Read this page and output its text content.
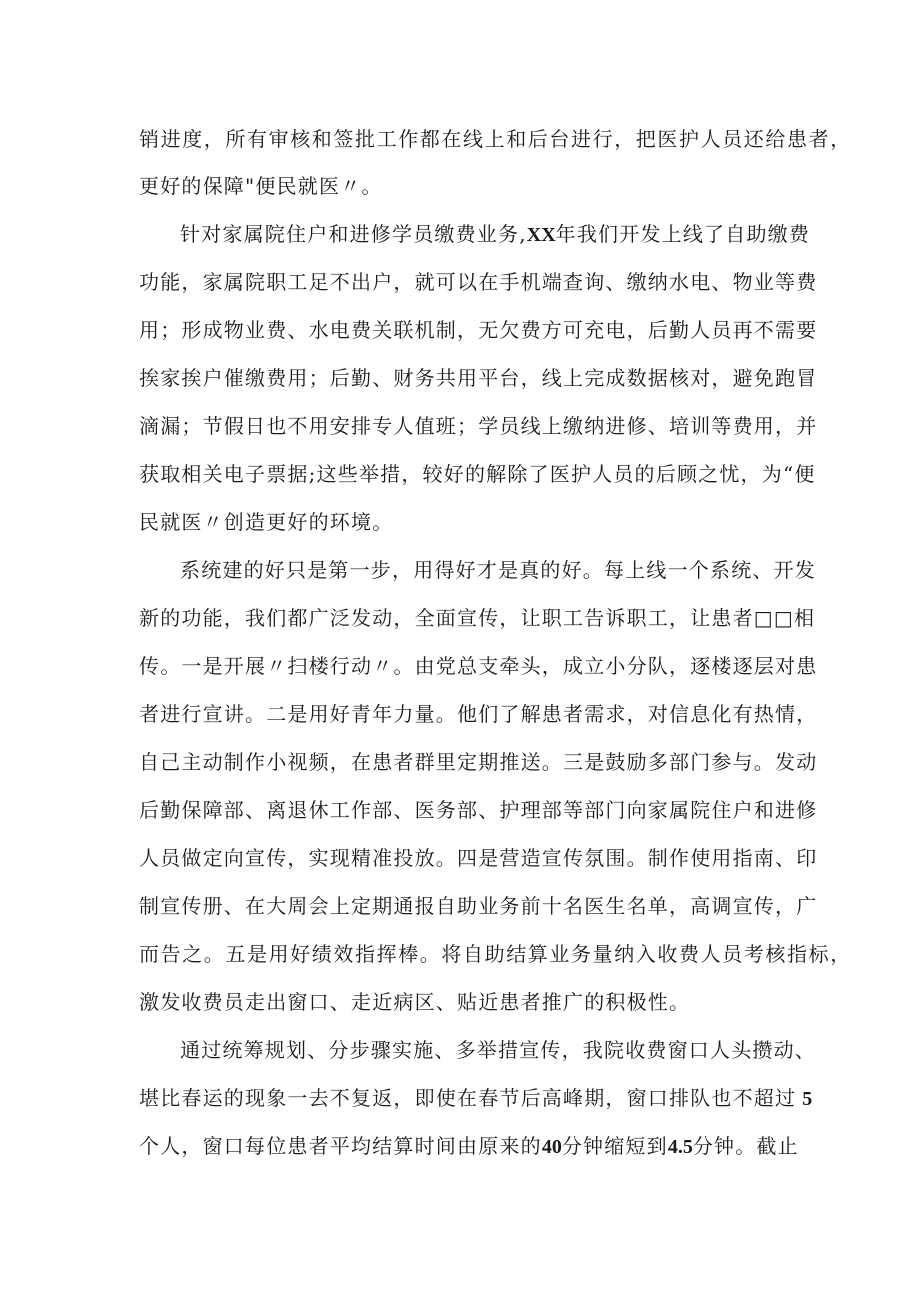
销进度，所有审核和签批工作都在线上和后台进行，把医护人员还给患者，
更好的保障"便民就医〃。
针对家属院住户和进修学员缴费业务,XX年我们开发上线了自助缴费
功能，家属院职工足不出户，就可以在手机端查询、缴纳水电、物业等费
用；形成物业费、水电费关联机制，无欠费方可充电，后勤人员再不需要
挨家挨户催缴费用；后勤、财务共用平台，线上完成数据核对，避免跑冒
滴漏；节假日也不用安排专人值班；学员线上缴纳进修、培训等费用，并
获取相关电子票据;这些举措，较好的解除了医护人员的后顾之忧，为“便
民就医〃创造更好的环境。
系统建的好只是第一步，用得好才是真的好。每上线一个系统、开发
新的功能，我们都广泛发动，全面宣传，让职工告诉职工，让患者□□相
传。一是开展〃扫楼行动〃。由党总支牵头，成立小分队，逐楼逐层对患
者进行宣讲。二是用好青年力量。他们了解患者需求，对信息化有热情，
自己主动制作小视频，在患者群里定期推送。三是鼓励多部门参与。发动
后勤保障部、离退休工作部、医务部、护理部等部门向家属院住户和进修
人员做定向宣传，实现精准投放。四是营造宣传氛围。制作使用指南、印
制宣传册、在大周会上定期通报自助业务前十名医生名单，高调宣传，广
而告之。五是用好绩效指挥棒。将自助结算业务量纳入收费人员考核指标，
激发收费员走出窗口、走近病区、贴近患者推广的积极性。
通过统筹规划、分步骤实施、多举措宣传，我院收费窗口人头攒动、
堪比春运的现象一去不复返，即使在春节后高峰期，窗口排队也不超过 5
个人，窗口每位患者平均结算时间由原来的40分钟缩短到4.5分钟。截止
